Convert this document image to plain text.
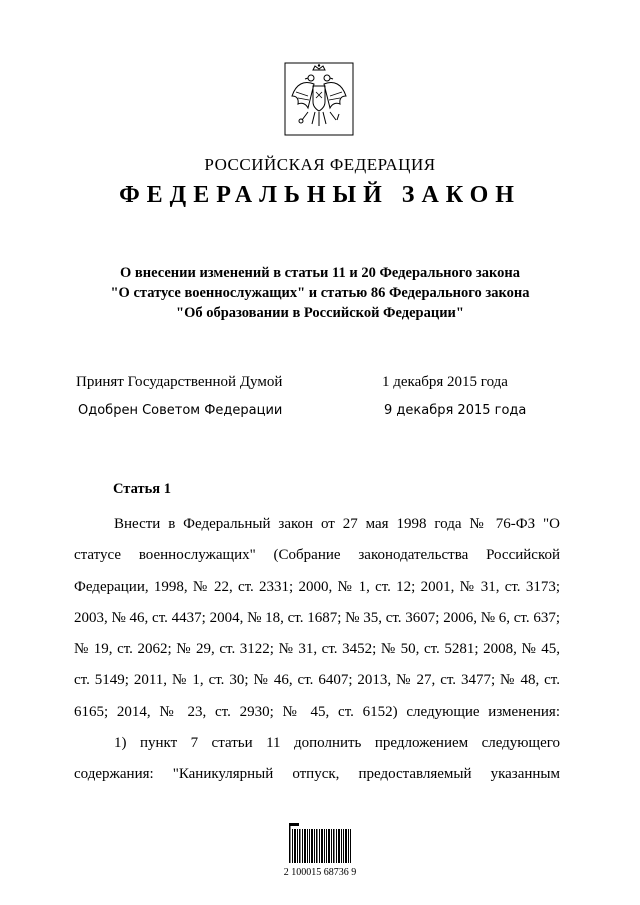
РОССИЙСКАЯ ФЕДЕРАЦИЯ
ФЕДЕРАЛЬНЫЙ ЗАКОН
О внесении изменений в статьи 11 и 20 Федерального закона
"О статусе военнослужащих" и статью 86 Федерального закона
"Об образовании в Российской Федерации"
Принят Государственной Думой	1 декабря 2015 года
Одобрен Советом Федерации	9 декабря 2015 года
Статья 1

Внести в Федеральный закон от 27 мая 1998 года № 76-ФЗ "О статусе военнослужащих" (Собрание законодательства Российской Федерации, 1998, № 22, ст. 2331; 2000, № 1, ст. 12; 2001, № 31, ст. 3173; 2003, № 46, ст. 4437; 2004, № 18, ст. 1687; № 35, ст. 3607; 2006, № 6, ст. 637; № 19, ст. 2062; № 29, ст. 3122; № 31, ст. 3452; № 50, ст. 5281; 2008, № 45, ст. 5149; 2011, № 1, ст. 30; № 46, ст. 6407; 2013, № 27, ст. 3477; № 48, ст. 6165; 2014, № 23, ст. 2930; № 45, ст. 6152) следующие изменения:

1) пункт 7 статьи 11 дополнить предложением следующего содержания: "Каникулярный отпуск, предоставляемый указанным

2 100015 68736 9
